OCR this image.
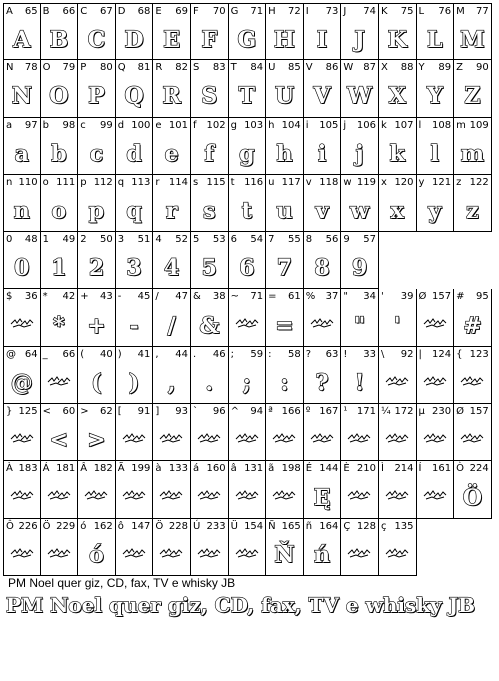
A 65
A
B 66
B
C 67
C
D 68
D
E 69
E
F 70
F
G 71
G
H 72
H
I 73
I
J 74
J
K 75
K
L 76
L
M 77
M
N 78
N
O 79
O
P 80
P
Q 81
Q
R 82
R
S 83
S
T 84
T
U 85
U
V 86
V
W 87
W
X 88
X
Y 89
Y
Z 90
Z
a 97
a
b 98
b
c 99
c
d 100
d
e 101
e
f 102
f
g 103
g
h 104
h
i 105
i
j 106
j
k 107
k
l 108
l
m 109
m
n 110
n
o 111
o
p 112
p
q 113
q
r 114
r
s 115
s
t 116
t
u 117
u
v 118
v
w 119
w
x 120
x
y 121
y
z 122
z
0 48
0
1 49
1
2 50
2
3 51
3
4 52
4
5 53
5
6 54
6
7 55
7
8 56
8
9 57
9
$ 36 * 42
*
+ 43
+
- 45
-
/ 47
/
& 38
&
~ 71 = 61
=
% 37 " 34
"
' 39
'
Ø 157 # 95
#
@ 64
@
_ 66 ( 40
(
) 41
)
, 44
,
. 46
.
; 59
;
: 58
:
? 63
?
! 33
!
\ 92 | 124 { 123
} 125 < 60
<
> 62
>
[ 91 ] 93 ` 96 ^ 94 ª 166 º 167 ¹ 171 ¼ 172 µ 230 Ø 157
À 183 Á 181 Â 182 Ã 199 à 133 á 160 â 131 ã 198 É 144
Ę
È 210 Ì 214 Í 161 Ò 224
Ö
Ô 226 Ö 229 ó 162
ó
ô 147 Ö 228 Ú 233 Ü 154 Ñ 165
Ň
ñ 164
ń
Ç 128 ç 135
PM Noel quer giz, CD, fax, TV e whisky JB
PM Noel quer giz, CD, fax, TV e whisky JB
